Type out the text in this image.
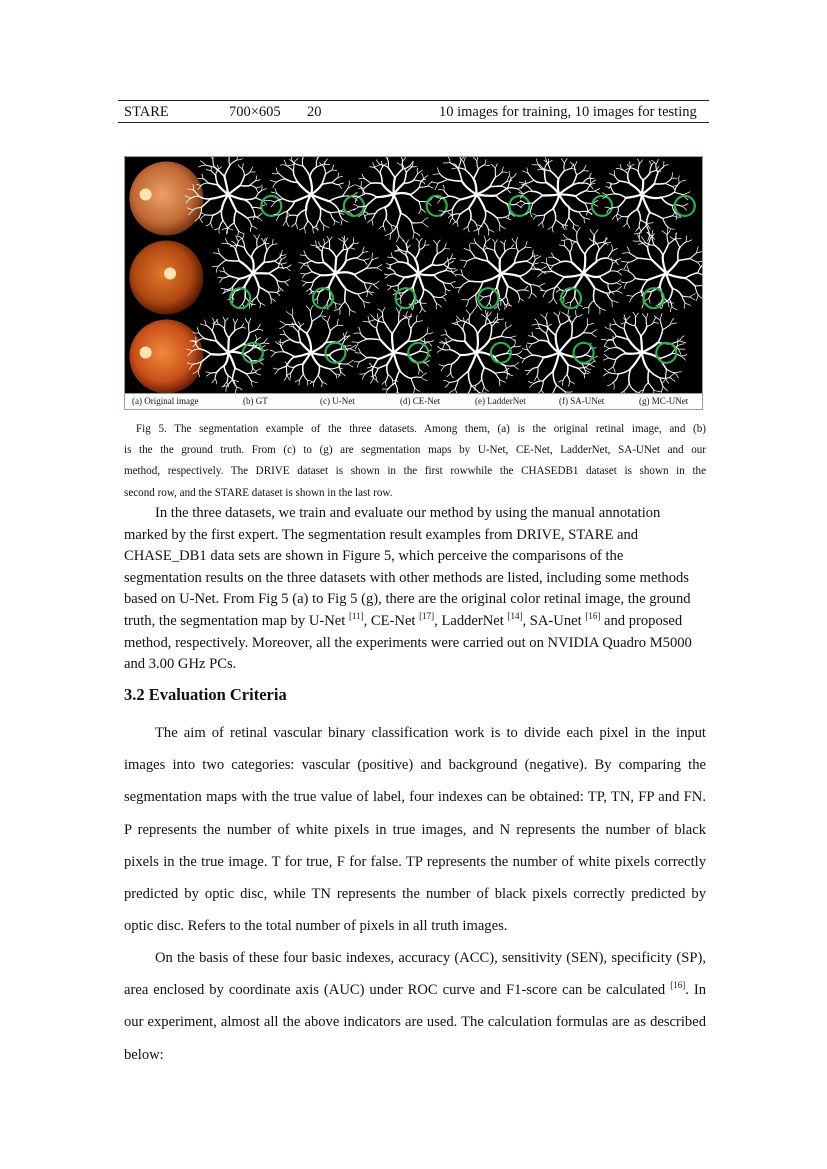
STARE	700×605 20	10 images for training, 10 images for testing
(a) Original image	(b) GT	(c) U-Net	(d) CE-Net	(e) LadderNet	(f) SA-UNet	(g) MC-UNet
Fig 5. The segmentation example of the three datasets. Among them, (a) is the original retinal image, and (b)
is the the ground truth. From (c) to (g) are segmentation maps by U-Net, CE-Net, LadderNet, SA-UNet and our
method, respectively. The DRIVE dataset is shown in the first rowwhile the CHASEDB1 dataset is shown in the
second row, and the STARE dataset is shown in the last row.
In the three datasets, we train and evaluate our method by using the manual annotation
marked by the first expert. The segmentation result examples from DRIVE, STARE and
CHASE_DB1 data sets are shown in Figure 5, which perceive the comparisons of the
segmentation results on the three datasets with other methods are listed, including some methods
based on U-Net. From Fig 5 (a) to Fig 5 (g), there are the original color retinal image, the ground
truth, the segmentation map by U-Net [11], CE-Net [17], LadderNet [14], SA-Unet [16] and proposed
method, respectively. Moreover, all the experiments were carried out on NVIDIA Quadro M5000
and 3.00 GHz PCs.
3.2 Evaluation Criteria
The aim of retinal vascular binary classification work is to divide each pixel in the input
images into two categories: vascular (positive) and background (negative). By comparing the
segmentation maps with the true value of label, four indexes can be obtained: TP, TN, FP and FN.
P represents the number of white pixels in true images, and N represents the number of black
pixels in the true image. T for true, F for false. TP represents the number of white pixels correctly
predicted by optic disc, while TN represents the number of black pixels correctly predicted by
optic disc. Refers to the total number of pixels in all truth images.
On the basis of these four basic indexes, accuracy (ACC), sensitivity (SEN), specificity (SP),
area enclosed by coordinate axis (AUC) under ROC curve and F1-score can be calculated [16]. In
our experiment, almost all the above indicators are used. The calculation formulas are as described
below:
